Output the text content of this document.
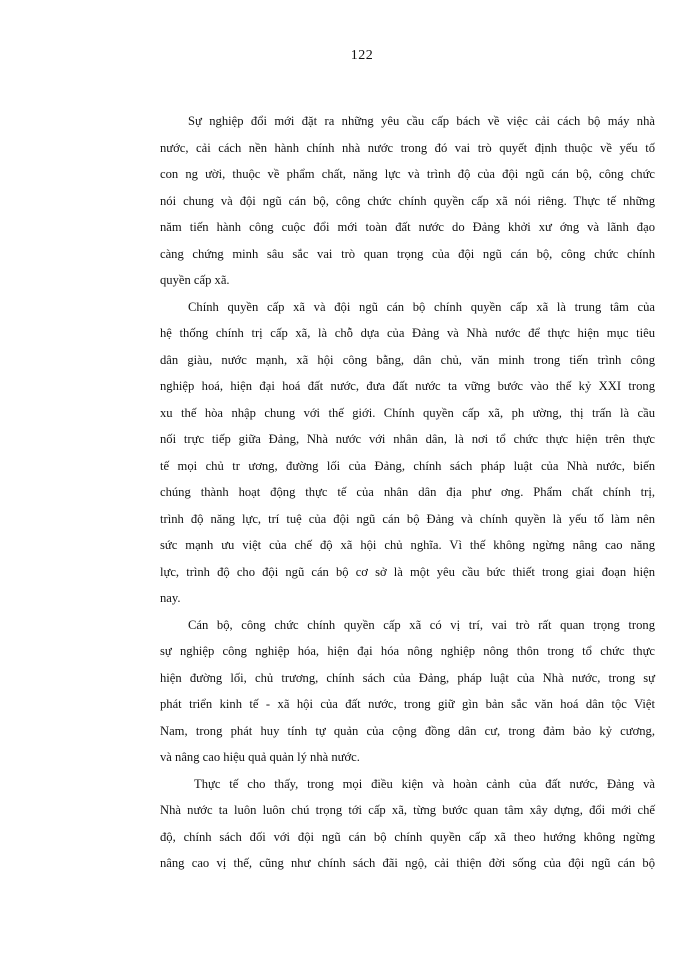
122
Sự nghiệp đổi mới đặt ra những yêu cầu cấp bách về việc cải cách bộ máy nhà
nước, cải cách nền hành chính nhà nước trong đó vai trò quyết định thuộc về yếu tố
con ng ười, thuộc về phẩm chất, năng lực và trình độ của đội ngũ cán bộ, công chức
nói chung và đội ngũ cán bộ, công chức chính quyền cấp xã nói riêng. Thực tế những
năm tiến hành công cuộc đổi mới toàn đất nước do Đảng khởi xư ớng và lãnh đạo
càng chứng minh sâu sắc vai trò quan trọng của đội ngũ cán bộ, công chức chính
quyền cấp xã.
Chính quyền cấp xã và đội ngũ cán bộ chính quyền cấp xã là trung tâm của
hệ thống chính trị cấp xã, là chỗ dựa của Đảng và Nhà nước để thực hiện mục tiêu
dân giàu, nước mạnh, xã hội công bằng, dân chủ, văn minh trong tiến trình công
nghiệp hoá, hiện đại hoá đất nước, đưa đất nước ta vững bước vào thế kỷ XXI trong
xu thế hòa nhập chung với thế giới. Chính quyền cấp xã, ph ường, thị trấn là cầu
nối trực tiếp giữa Đảng, Nhà nước với nhân dân, là nơi tổ chức thực hiện trên thực
tế mọi chủ tr ương, đường lối của Đảng, chính sách pháp luật của Nhà nước, biến
chúng thành hoạt động thực tế của nhân dân địa phư ơng. Phẩm chất chính trị,
trình độ năng lực, trí tuệ của đội ngũ cán bộ Đảng và chính quyền là yếu tố làm nên
sức mạnh ưu việt của chế độ xã hội chủ nghĩa. Vì thế không ngừng nâng cao năng
lực, trình độ cho đội ngũ cán bộ cơ sở là một yêu cầu bức thiết trong giai đoạn hiện
nay.
Cán bộ, công chức chính quyền cấp xã có vị trí, vai trò rất quan trọng trong
sự nghiệp công nghiệp hóa, hiện đại hóa nông nghiệp nông thôn trong tổ chức thực
hiện đường lối, chủ trương, chính sách của Đảng, pháp luật của Nhà nước, trong sự
phát triển kinh tế - xã hội của đất nước, trong giữ gìn bản sắc văn hoá dân tộc Việt
Nam, trong phát huy tính tự quản của cộng đồng dân cư, trong đảm bảo kỷ cương,
và nâng cao hiệu quả quản lý nhà nước.
Thực tế cho thấy, trong mọi điều kiện và hoàn cảnh của đất nước, Đảng và
Nhà nước ta luôn luôn chú trọng tới cấp xã, từng bước quan tâm xây dựng, đổi mới chế
độ, chính sách đối với đội ngũ cán bộ chính quyền cấp xã theo hướng không ngừng
nâng cao vị thế, cũng như chính sách đãi ngộ, cải thiện đời sống của đội ngũ cán bộ
